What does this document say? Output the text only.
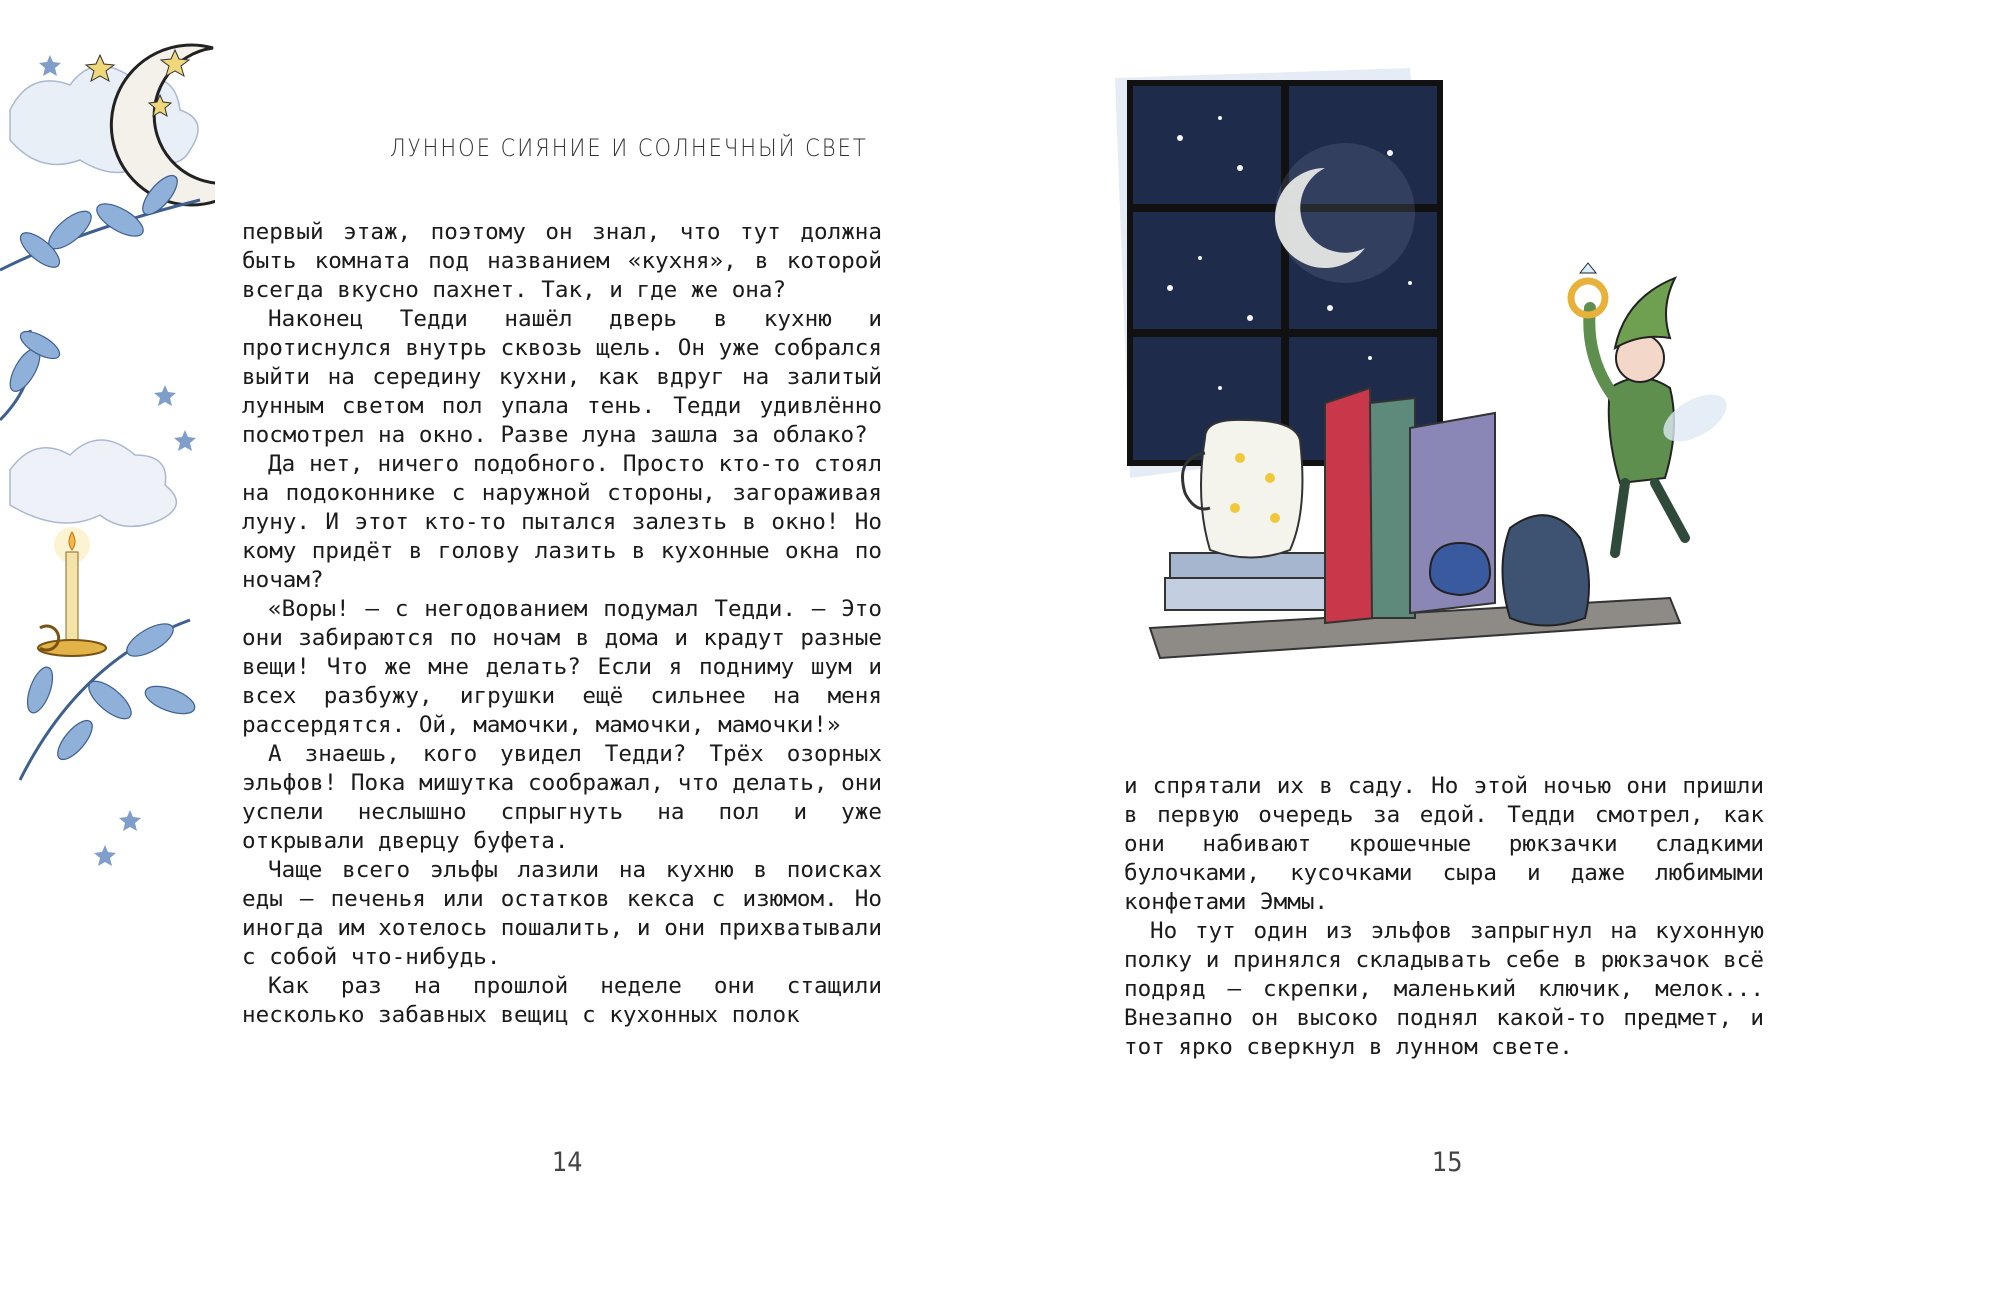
ЛУННОЕ СИЯНИЕ И СОЛНЕЧНЫЙ СВЕТ

первый этаж, поэтому он знал, что тут должна быть комната под названием «кухня», в которой всегда вкусно пахнет. Так, и где же она?

Наконец Тедди нашёл дверь в кухню и протиснулся внутрь сквозь щель. Он уже собрался выйти на середину кухни, как вдруг на залитый лунным светом пол упала тень. Тедди удивлённо посмотрел на окно. Разве луна зашла за облако?

Да нет, ничего подобного. Просто кто-то стоял на подоконнике с наружной стороны, загораживая луну. И этот кто-то пытался залезть в окно! Но кому придёт в голову лазить в кухонные окна по ночам?

«Воры! – с негодованием подумал Тедди. – Это они забираются по ночам в дома и крадут разные вещи! Что же мне делать? Если я подниму шум и всех разбужу, игрушки ещё сильнее на меня рассердятся. Ой, мамочки, мамочки, мамочки!»

А знаешь, кого увидел Тедди? Трёх озорных эльфов! Пока мишутка соображал, что делать, они успели неслышно спрыгнуть на пол и уже открывали дверцу буфета.

Чаще всего эльфы лазили на кухню в поисках еды – печенья или остатков кекса с изюмом. Но иногда им хотелось пошалить, и они прихватывали с собой что-нибудь.

Как раз на прошлой неделе они стащили несколько забавных вещиц с кухонных полок

14

и спрятали их в саду. Но этой ночью они пришли в первую очередь за едой. Тедди смотрел, как они набивают крошечные рюкзачки сладкими булочками, кусочками сыра и даже любимыми конфетами Эммы.

Но тут один из эльфов запрыгнул на кухонную полку и принялся складывать себе в рюкзачок всё подряд – скрепки, маленький ключик, мелок... Внезапно он высоко поднял какой-то предмет, и тот ярко сверкнул в лунном свете.

15
